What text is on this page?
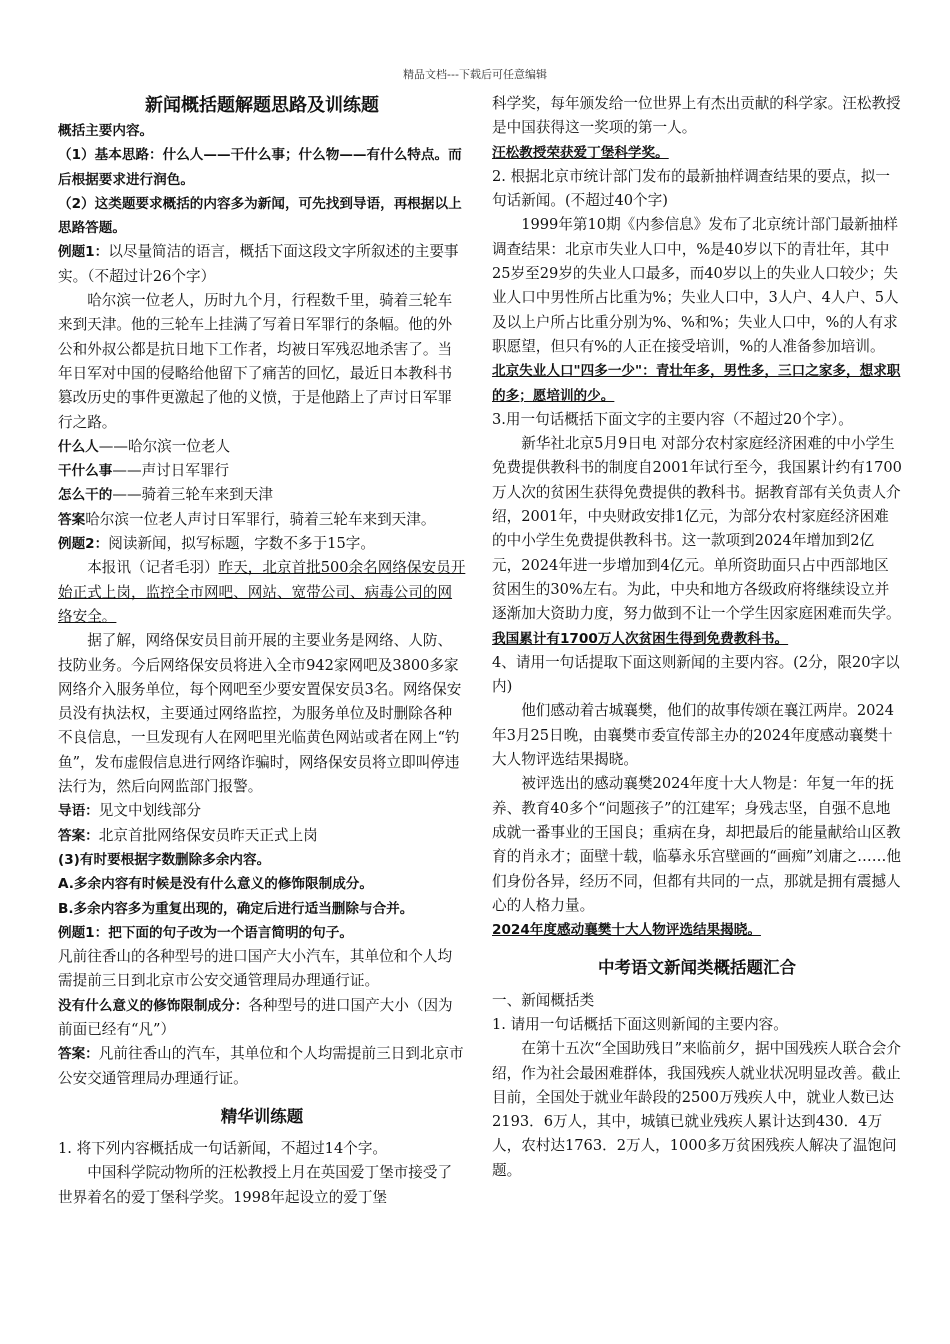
精品文档---下载后可任意编辑
新闻概括题解题思路及训练题

概括主要内容。

（1）基本思路：什么人——干什么事；什么物——有什么特点。而后根据要求进行润色。

（2）这类题要求概括的内容多为新闻，可先找到导语，再根据以上思路答题。

例题1：以尽量简洁的语言，概括下面这段文字所叙述的主要事实。（不超过计26个字）

哈尔滨一位老人，历时九个月，行程数千里，骑着三轮车来到天津。他的三轮车上挂满了写着日军罪行的条幅。他的外公和外叔公都是抗日地下工作者，均被日军残忍地杀害了。当年日军对中国的侵略给他留下了痛苦的回忆，最近日本教科书篡改历史的事件更激起了他的义愤，于是他踏上了声讨日军罪行之路。

什么人——哈尔滨一位老人

干什么事——声讨日军罪行

怎么干的——骑着三轮车来到天津

答案哈尔滨一位老人声讨日军罪行，骑着三轮车来到天津。

例题2：阅读新闻，拟写标题，字数不多于15字。

本报讯（记者毛羽）昨天，北京首批500余名网络保安员开始正式上岗，监控全市网吧、网站、宽带公司、病毒公司的网络安全。

据了解，网络保安员目前开展的主要业务是网络、人防、技防业务。今后网络保安员将进入全市942家网吧及3800多家网络介入服务单位，每个网吧至少要安置保安员3名。网络保安员没有执法权，主要通过网络监控，为服务单位及时删除各种不良信息，一旦发现有人在网吧里光临黄色网站或者在网上“钓鱼”，发布虚假信息进行网络诈骗时，网络保安员将立即叫停违法行为，然后向网监部门报警。

导语：见文中划线部分

答案：北京首批网络保安员昨天正式上岗

(3)有时要根据字数删除多余内容。

A.多余内容有时候是没有什么意义的修饰限制成分。

B.多余内容多为重复出现的，确定后进行适当删除与合并。

例题1：把下面的句子改为一个语言简明的句子。

凡前往香山的各种型号的进口国产大小汽车，其单位和个人均需提前三日到北京市公安交通管理局办理通行证。

没有什么意义的修饰限制成分：各种型号的进口国产大小（因为前面已经有“凡”）

答案：凡前往香山的汽车，其单位和个人均需提前三日到北京市公安交通管理局办理通行证。

精华训练题

1. 将下列内容概括成一句话新闻，不超过14个字。

中国科学院动物所的汪松教授上月在英国爱丁堡市接受了世界着名的爱丁堡科学奖。1998年起设立的爱丁堡

科学奖，每年颁发给一位世界上有杰出贡献的科学家。汪松教授是中国获得这一奖项的第一人。

汪松教授荣获爱丁堡科学奖。

2. 根据北京市统计部门发布的最新抽样调查结果的要点，拟一句话新闻。(不超过40个字)

1999年第10期《内参信息》发布了北京统计部门最新抽样调查结果：北京市失业人口中，%是40岁以下的青壮年，其中25岁至29岁的失业人口最多，而40岁以上的失业人口较少；失业人口中男性所占比重为%；失业人口中，3人户、4人户、5人及以上户所占比重分别为%、%和%；失业人口中，%的人有求职愿望，但只有%的人正在接受培训，%的人准备参加培训。

北京失业人口"四多一少"：青壮年多，男性多，三口之家多，想求职的多；愿培训的少。

3.用一句话概括下面文字的主要内容（不超过20个字）。

新华社北京5月9日电 对部分农村家庭经济困难的中小学生免费提供教科书的制度自2001年试行至今，我国累计约有1700万人次的贫困生获得免费提供的教科书。据教育部有关负责人介绍，2001年，中央财政安排1亿元，为部分农村家庭经济困难的中小学生免费提供教科书。这一款项到2024年增加到2亿元，2024年进一步增加到4亿元。单所资助面只占中西部地区贫困生的30%左右。为此，中央和地方各级政府将继续设立并逐渐加大资助力度，努力做到不让一个学生因家庭困难而失学。

我国累计有1700万人次贫困生得到免费教科书。

4、请用一句话提取下面这则新闻的主要内容。(2分，限20字以内)

他们感动着古城襄樊，他们的故事传颂在襄江两岸。2024年3月25日晚，由襄樊市委宣传部主办的2024年度感动襄樊十大人物评选结果揭晓。

被评选出的感动襄樊2024年度十大人物是：年复一年的抚养、教育40多个“问题孩子”的江建军；身残志坚，自强不息地成就一番事业的王国良；重病在身，却把最后的能量献给山区教育的肖永才；面壁十载，临摹永乐宫壁画的“画痴”刘庸之……他们身份各异，经历不同，但都有共同的一点，那就是拥有震撼人心的人格力量。

2024年度感动襄樊十大人物评选结果揭晓。

中考语文新闻类概括题汇合

一、新闻概括类

1. 请用一句话概括下面这则新闻的主要内容。

在第十五次“全国助残日”来临前夕，据中国残疾人联合会介绍，作为社会最困难群体，我国残疾人就业状况明显改善。截止目前，全国处于就业年龄段的2500万残疾人中，就业人数已达2193．6万人，其中，城镇已就业残疾人累计达到430．4万人，农村达1763．2万人，1000多万贫困残疾人解决了温饱问题。
